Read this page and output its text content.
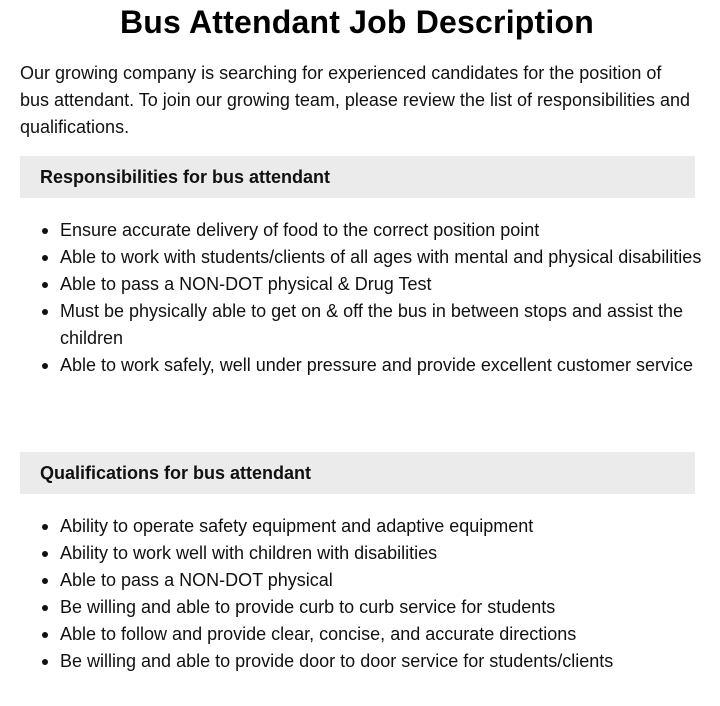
Bus Attendant Job Description

Our growing company is searching for experienced candidates for the position of bus attendant. To join our growing team, please review the list of responsibilities and qualifications.

Responsibilities for bus attendant
Ensure accurate delivery of food to the correct position point
Able to work with students/clients of all ages with mental and physical disabilities
Able to pass a NON-DOT physical & Drug Test
Must be physically able to get on & off the bus in between stops and assist the children
Able to work safely, well under pressure and provide excellent customer service
Qualifications for bus attendant
Ability to operate safety equipment and adaptive equipment
Ability to work well with children with disabilities
Able to pass a NON-DOT physical
Be willing and able to provide curb to curb service for students
Able to follow and provide clear, concise, and accurate directions
Be willing and able to provide door to door service for students/clients
